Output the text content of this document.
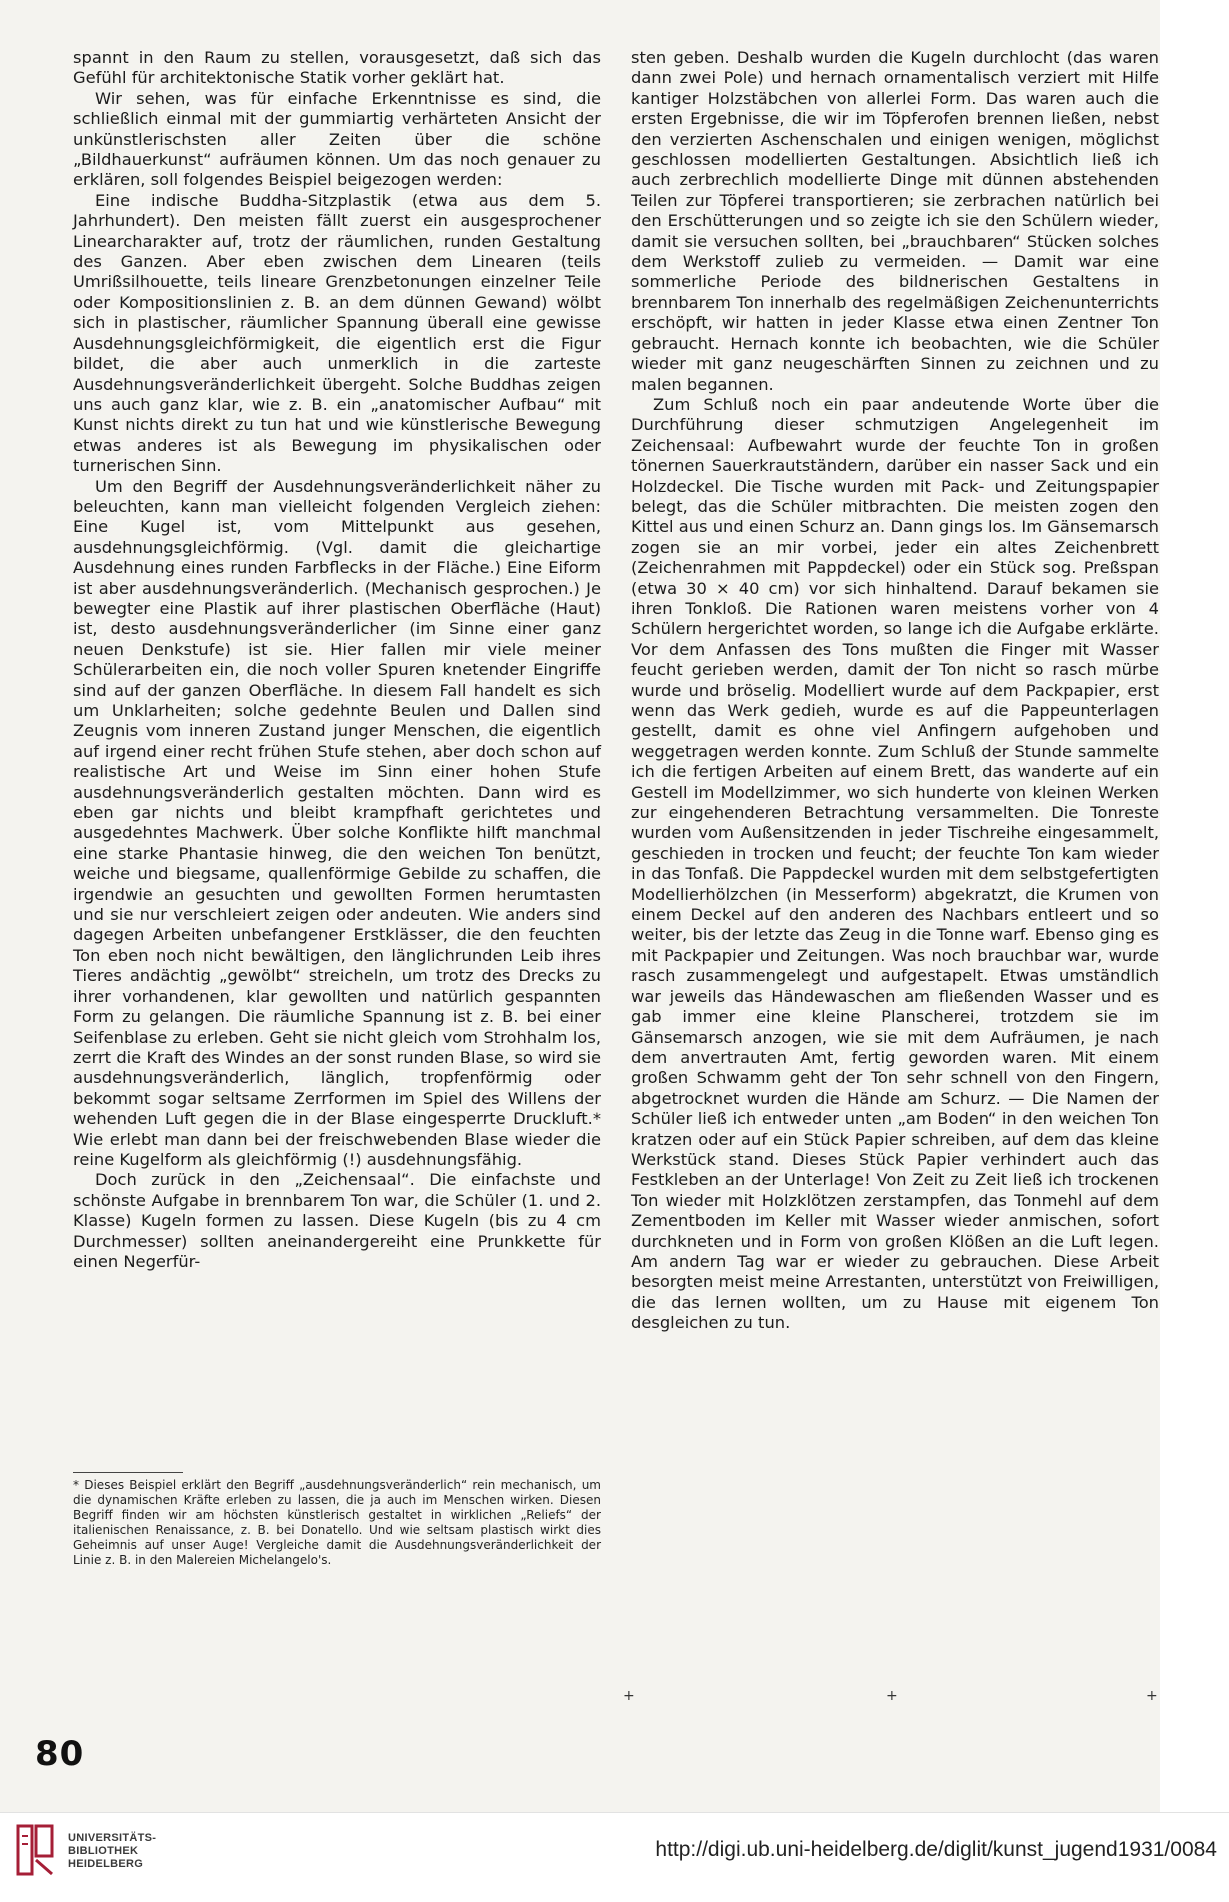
spannt in den Raum zu stellen, vorausgesetzt, daß sich das Gefühl für architektonische Statik vorher geklärt hat.

Wir sehen, was für einfache Erkenntnisse es sind, die schließlich einmal mit der gummiartig verhärteten Ansicht der unkünstlerischsten aller Zeiten über die schöne „Bildhauerkunst“ aufräumen können. Um das noch genauer zu erklären, soll folgendes Beispiel beigezogen werden:

Eine indische Buddha-Sitzplastik (etwa aus dem 5. Jahrhundert). Den meisten fällt zuerst ein ausgesprochener Linearcharakter auf, trotz der räumlichen, runden Gestaltung des Ganzen. Aber eben zwischen dem Linearen (teils Umrißsilhouette, teils lineare Grenzbetonungen einzelner Teile oder Kompositionslinien z. B. an dem dünnen Gewand) wölbt sich in plastischer, räumlicher Spannung überall eine gewisse Ausdehnungsgleichförmigkeit, die eigentlich erst die Figur bildet, die aber auch unmerklich in die zarteste Ausdehnungsveränderlichkeit übergeht. Solche Buddhas zeigen uns auch ganz klar, wie z. B. ein „anatomischer Aufbau“ mit Kunst nichts direkt zu tun hat und wie künstlerische Bewegung etwas anderes ist als Bewegung im physikalischen oder turnerischen Sinn.

Um den Begriff der Ausdehnungsveränderlichkeit näher zu beleuchten, kann man vielleicht folgenden Vergleich ziehen: Eine Kugel ist, vom Mittelpunkt aus gesehen, ausdehnungsgleichförmig. (Vgl. damit die gleichartige Ausdehnung eines runden Farbflecks in der Fläche.) Eine Eiform ist aber ausdehnungsveränderlich. (Mechanisch gesprochen.) Je bewegter eine Plastik auf ihrer plastischen Oberfläche (Haut) ist, desto ausdehnungsveränderlicher (im Sinne einer ganz neuen Denkstufe) ist sie. Hier fallen mir viele meiner Schülerarbeiten ein, die noch voller Spuren knetender Eingriffe sind auf der ganzen Oberfläche. In diesem Fall handelt es sich um Unklarheiten; solche gedehnte Beulen und Dallen sind Zeugnis vom inneren Zustand junger Menschen, die eigentlich auf irgend einer recht frühen Stufe stehen, aber doch schon auf realistische Art und Weise im Sinn einer hohen Stufe ausdehnungsveränderlich gestalten möchten. Dann wird es eben gar nichts und bleibt krampfhaft gerichtetes und ausgedehntes Machwerk. Über solche Konflikte hilft manchmal eine starke Phantasie hinweg, die den weichen Ton benützt, weiche und biegsame, quallenförmige Gebilde zu schaffen, die irgendwie an gesuchten und gewollten Formen herumtasten und sie nur verschleiert zeigen oder andeuten. Wie anders sind dagegen Arbeiten unbefangener Erstklässer, die den feuchten Ton eben noch nicht bewältigen, den länglichrunden Leib ihres Tieres andächtig „gewölbt“ streicheln, um trotz des Drecks zu ihrer vorhandenen, klar gewollten und natürlich gespannten Form zu gelangen. Die räumliche Spannung ist z. B. bei einer Seifenblase zu erleben. Geht sie nicht gleich vom Strohhalm los, zerrt die Kraft des Windes an der sonst runden Blase, so wird sie ausdehnungsveränderlich, länglich, tropfenförmig oder bekommt sogar seltsame Zerrformen im Spiel des Willens der wehenden Luft gegen die in der Blase eingesperrte Druckluft.* Wie erlebt man dann bei der freischwebenden Blase wieder die reine Kugelform als gleichförmig (!) ausdehnungsfähig.

Doch zurück in den „Zeichensaal“. Die einfachste und schönste Aufgabe in brennbarem Ton war, die Schüler (1. und 2. Klasse) Kugeln formen zu lassen. Diese Kugeln (bis zu 4 cm Durchmesser) sollten aneinandergereiht eine Prunkkette für einen Negerfür-

* Dieses Beispiel erklärt den Begriff „ausdehnungsveränderlich“ rein mechanisch, um die dynamischen Kräfte erleben zu lassen, die ja auch im Menschen wirken. Diesen Begriff finden wir am höchsten künstlerisch gestaltet in wirklichen „Reliefs“ der italienischen Renaissance, z. B. bei Donatello. Und wie seltsam plastisch wirkt dies Geheimnis auf unser Auge! Vergleiche damit die Ausdehnungsveränderlichkeit der Linie z. B. in den Malereien Michelangelo's.

sten geben. Deshalb wurden die Kugeln durchlocht (das waren dann zwei Pole) und hernach ornamentalisch verziert mit Hilfe kantiger Holzstäbchen von allerlei Form. Das waren auch die ersten Ergebnisse, die wir im Töpferofen brennen ließen, nebst den verzierten Aschenschalen und einigen wenigen, möglichst geschlossen modellierten Gestaltungen. Absichtlich ließ ich auch zerbrechlich modellierte Dinge mit dünnen abstehenden Teilen zur Töpferei transportieren; sie zerbrachen natürlich bei den Erschütterungen und so zeigte ich sie den Schülern wieder, damit sie versuchen sollten, bei „brauchbaren“ Stücken solches dem Werkstoff zulieb zu vermeiden. — Damit war eine sommerliche Periode des bildnerischen Gestaltens in brennbarem Ton innerhalb des regelmäßigen Zeichenunterrichts erschöpft, wir hatten in jeder Klasse etwa einen Zentner Ton gebraucht. Hernach konnte ich beobachten, wie die Schüler wieder mit ganz neugeschärften Sinnen zu zeichnen und zu malen begannen.

Zum Schluß noch ein paar andeutende Worte über die Durchführung dieser schmutzigen Angelegenheit im Zeichensaal: Aufbewahrt wurde der feuchte Ton in großen tönernen Sauerkrautständern, darüber ein nasser Sack und ein Holzdeckel. Die Tische wurden mit Pack- und Zeitungspapier belegt, das die Schüler mitbrachten. Die meisten zogen den Kittel aus und einen Schurz an. Dann gings los. Im Gänsemarsch zogen sie an mir vorbei, jeder ein altes Zeichenbrett (Zeichenrahmen mit Pappdeckel) oder ein Stück sog. Preßspan (etwa 30 × 40 cm) vor sich hinhaltend. Darauf bekamen sie ihren Tonkloß. Die Rationen waren meistens vorher von 4 Schülern hergerichtet worden, so lange ich die Aufgabe erklärte. Vor dem Anfassen des Tons mußten die Finger mit Wasser feucht gerieben werden, damit der Ton nicht so rasch mürbe wurde und bröselig. Modelliert wurde auf dem Packpapier, erst wenn das Werk gedieh, wurde es auf die Pappeunterlagen gestellt, damit es ohne viel Anfingern aufgehoben und weggetragen werden konnte. Zum Schluß der Stunde sammelte ich die fertigen Arbeiten auf einem Brett, das wanderte auf ein Gestell im Modellzimmer, wo sich hunderte von kleinen Werken zur eingehenderen Betrachtung versammelten. Die Tonreste wurden vom Außensitzenden in jeder Tischreihe eingesammelt, geschieden in trocken und feucht; der feuchte Ton kam wieder in das Tonfaß. Die Pappdeckel wurden mit dem selbstgefertigten Modellierhölzchen (in Messerform) abgekratzt, die Krumen von einem Deckel auf den anderen des Nachbars entleert und so weiter, bis der letzte das Zeug in die Tonne warf. Ebenso ging es mit Packpapier und Zeitungen. Was noch brauchbar war, wurde rasch zusammengelegt und aufgestapelt. Etwas umständlich war jeweils das Händewaschen am fließenden Wasser und es gab immer eine kleine Planscherei, trotzdem sie im Gänsemarsch anzogen, wie sie mit dem Aufräumen, je nach dem anvertrauten Amt, fertig geworden waren. Mit einem großen Schwamm geht der Ton sehr schnell von den Fingern, abgetrocknet wurden die Hände am Schurz. — Die Namen der Schüler ließ ich entweder unten „am Boden“ in den weichen Ton kratzen oder auf ein Stück Papier schreiben, auf dem das kleine Werkstück stand. Dieses Stück Papier verhindert auch das Festkleben an der Unterlage! Von Zeit zu Zeit ließ ich trockenen Ton wieder mit Holzklötzen zerstampfen, das Tonmehl auf dem Zementboden im Keller mit Wasser wieder anmischen, sofort durchkneten und in Form von großen Klößen an die Luft legen. Am andern Tag war er wieder zu gebrauchen. Diese Arbeit besorgten meist meine Arrestanten, unterstützt von Freiwilligen, die das lernen wollten, um zu Hause mit eigenem Ton desgleichen zu tun.

+	+	+
80
UNIVERSITÄTS-
BIBLIOTHEK
HEIDELBERG
http://digi.ub.uni-heidelberg.de/diglit/kunst_jugend1931/0084
